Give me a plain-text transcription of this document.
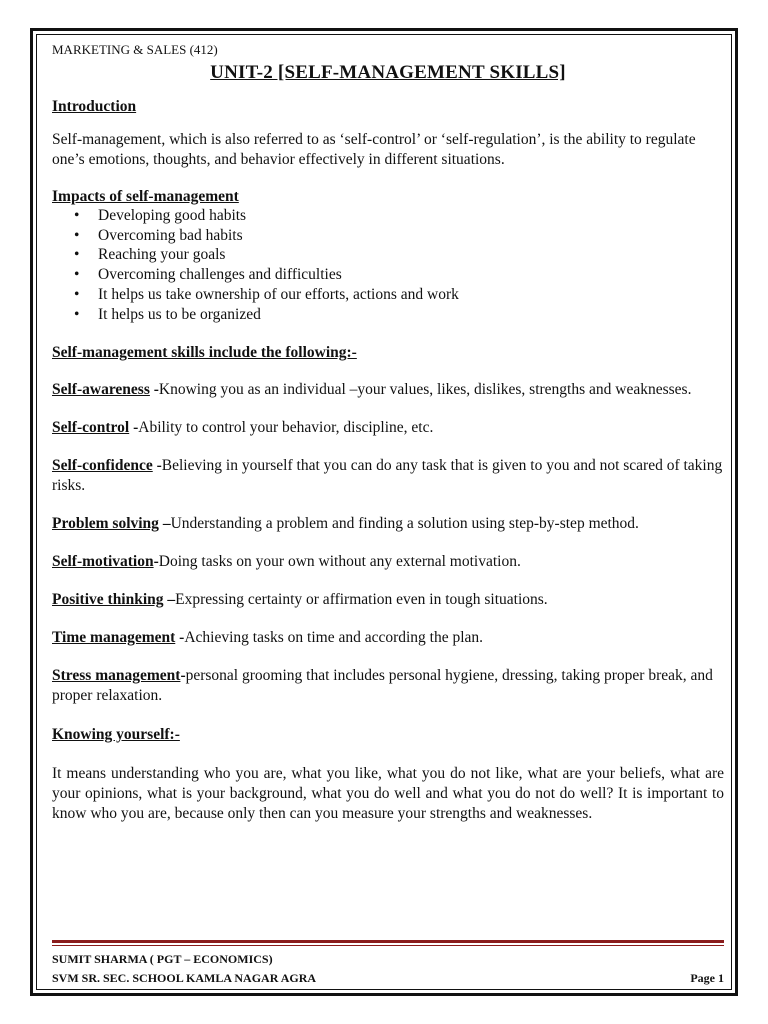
MARKETING & SALES (412)
UNIT-2 [SELF-MANAGEMENT SKILLS]
Introduction

Self-management, which is also referred to as ‘self-control’ or ‘self-regulation’, is the ability to regulate one’s emotions, thoughts, and behavior effectively in different situations.

Impacts of self-management
• Developing good habits
• Overcoming bad habits
• Reaching your goals
• Overcoming challenges and difficulties
• It helps us take ownership of our efforts, actions and work
• It helps us to be organized
Self-management skills include the following:-

Self-awareness -Knowing you as an individual –your values, likes, dislikes, strengths and weaknesses.

Self-control -Ability to control your behavior, discipline, etc.

Self-confidence -Believing in yourself that you can do any task that is given to you and not scared of taking risks.

Problem solving –Understanding a problem and finding a solution using step-by-step method.

Self-motivation-Doing tasks on your own without any external motivation.

Positive thinking –Expressing certainty or affirmation even in tough situations.

Time management -Achieving tasks on time and according the plan.

Stress management-personal grooming that includes personal hygiene, dressing, taking proper break, and proper relaxation.

Knowing yourself:-

It means understanding who you are, what you like, what you do not like, what are your beliefs, what are your opinions, what is your background, what you do well and what you do not do well? It is important to know who you are, because only then can you measure your strengths and weaknesses.

SUMIT SHARMA ( PGT – ECONOMICS)
SVM SR. SEC. SCHOOL KAMLA NAGAR AGRA	Page 1
